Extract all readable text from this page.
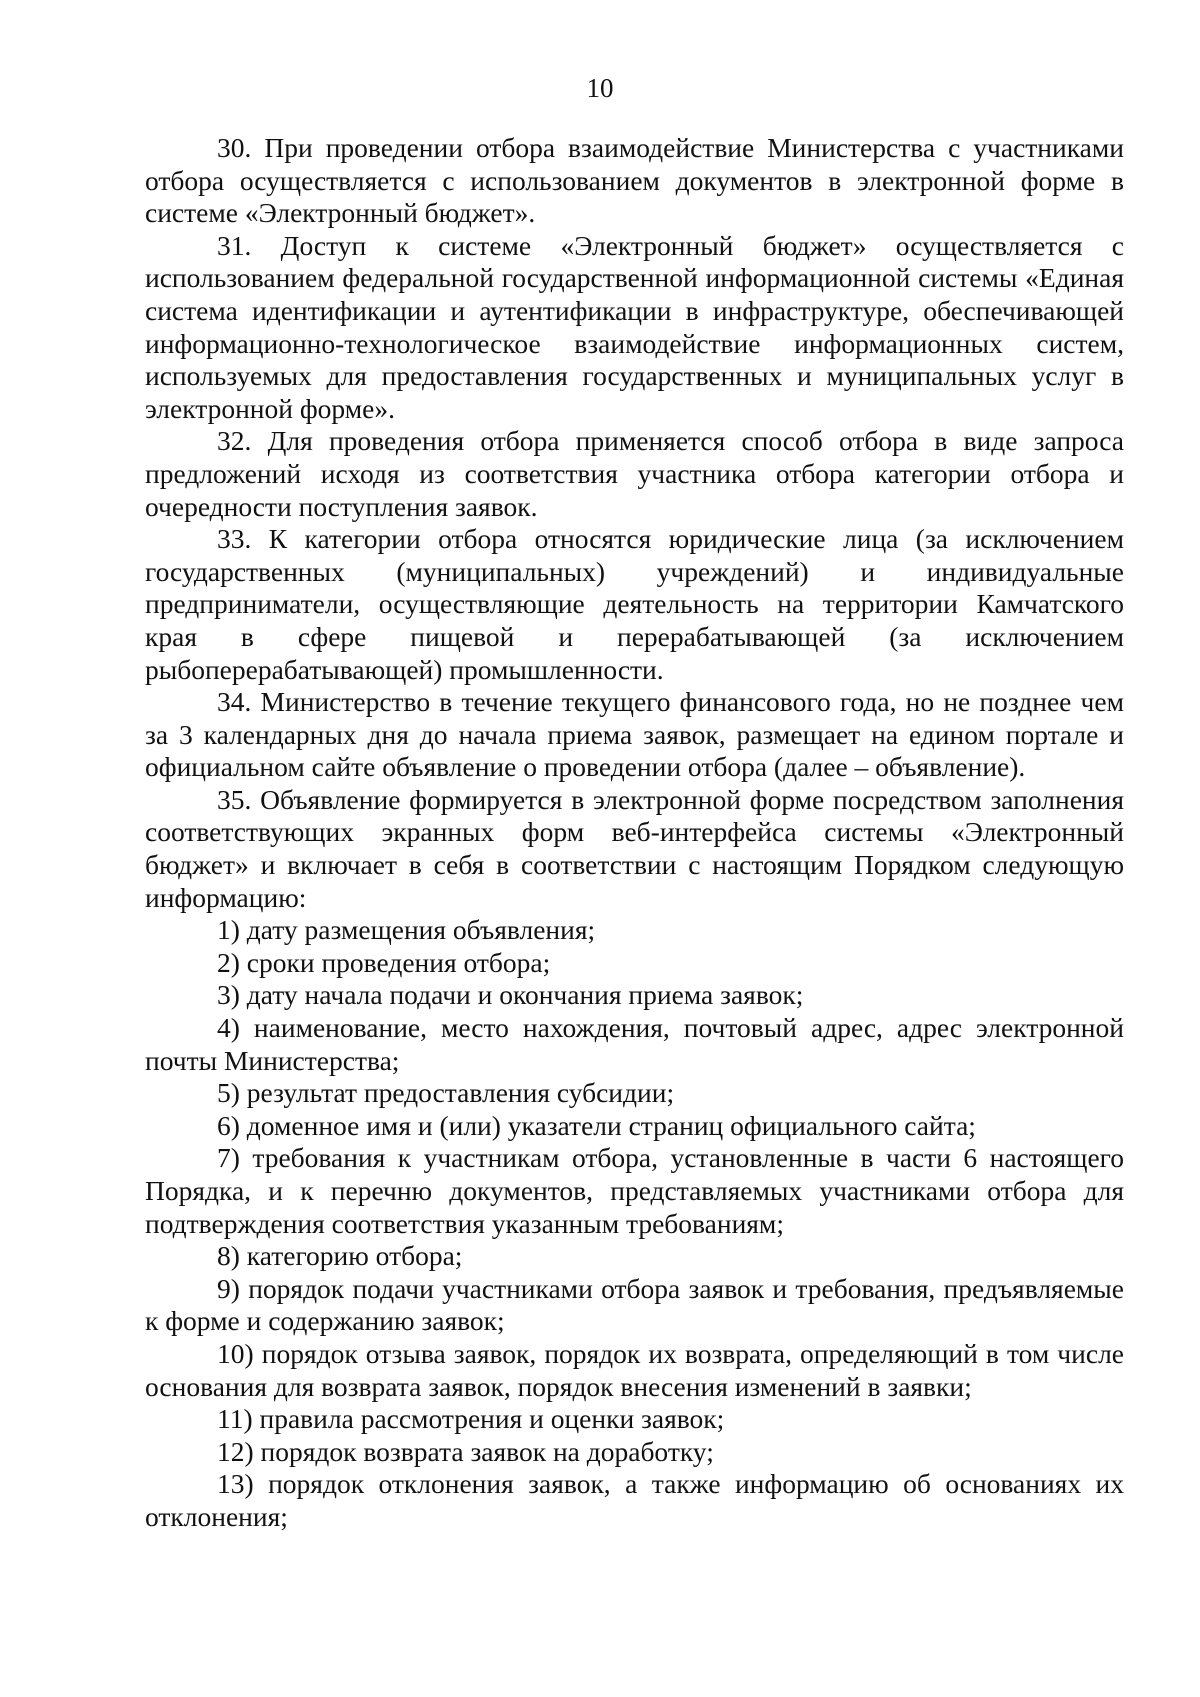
10

30. При проведении отбора взаимодействие Министерства с участниками отбора осуществляется с использованием документов в электронной форме в системе «Электронный бюджет».

31. Доступ к системе «Электронный бюджет» осуществляется с использованием федеральной государственной информационной системы «Единая система идентификации и аутентификации в инфраструктуре, обеспечивающей информационно-технологическое взаимодействие информационных систем, используемых для предоставления государственных и муниципальных услуг в электронной форме».

32. Для проведения отбора применяется способ отбора в виде запроса предложений исходя из соответствия участника отбора категории отбора и очередности поступления заявок.

33. К категории отбора относятся юридические лица (за исключением государственных (муниципальных) учреждений) и индивидуальные предприниматели, осуществляющие деятельность на территории Камчатского края в сфере пищевой и перерабатывающей (за исключением рыбоперерабатывающей) промышленности.

34. Министерство в течение текущего финансового года, но не позднее чем за 3 календарных дня до начала приема заявок, размещает на едином портале и официальном сайте объявление о проведении отбора (далее – объявление).

35. Объявление формируется в электронной форме посредством заполнения соответствующих экранных форм веб-интерфейса системы «Электронный бюджет» и включает в себя в соответствии с настоящим Порядком следующую информацию:

1) дату размещения объявления;

2) сроки проведения отбора;

3) дату начала подачи и окончания приема заявок;

4) наименование, место нахождения, почтовый адрес, адрес электронной почты Министерства;

5) результат предоставления субсидии;

6) доменное имя и (или) указатели страниц официального сайта;

7) требования к участникам отбора, установленные в части 6 настоящего Порядка, и к перечню документов, представляемых участниками отбора для подтверждения соответствия указанным требованиям;

8) категорию отбора;

9) порядок подачи участниками отбора заявок и требования, предъявляемые к форме и содержанию заявок;

10) порядок отзыва заявок, порядок их возврата, определяющий в том числе основания для возврата заявок, порядок внесения изменений в заявки;

11) правила рассмотрения и оценки заявок;

12) порядок возврата заявок на доработку;

13) порядок отклонения заявок, а также информацию об основаниях их отклонения;
